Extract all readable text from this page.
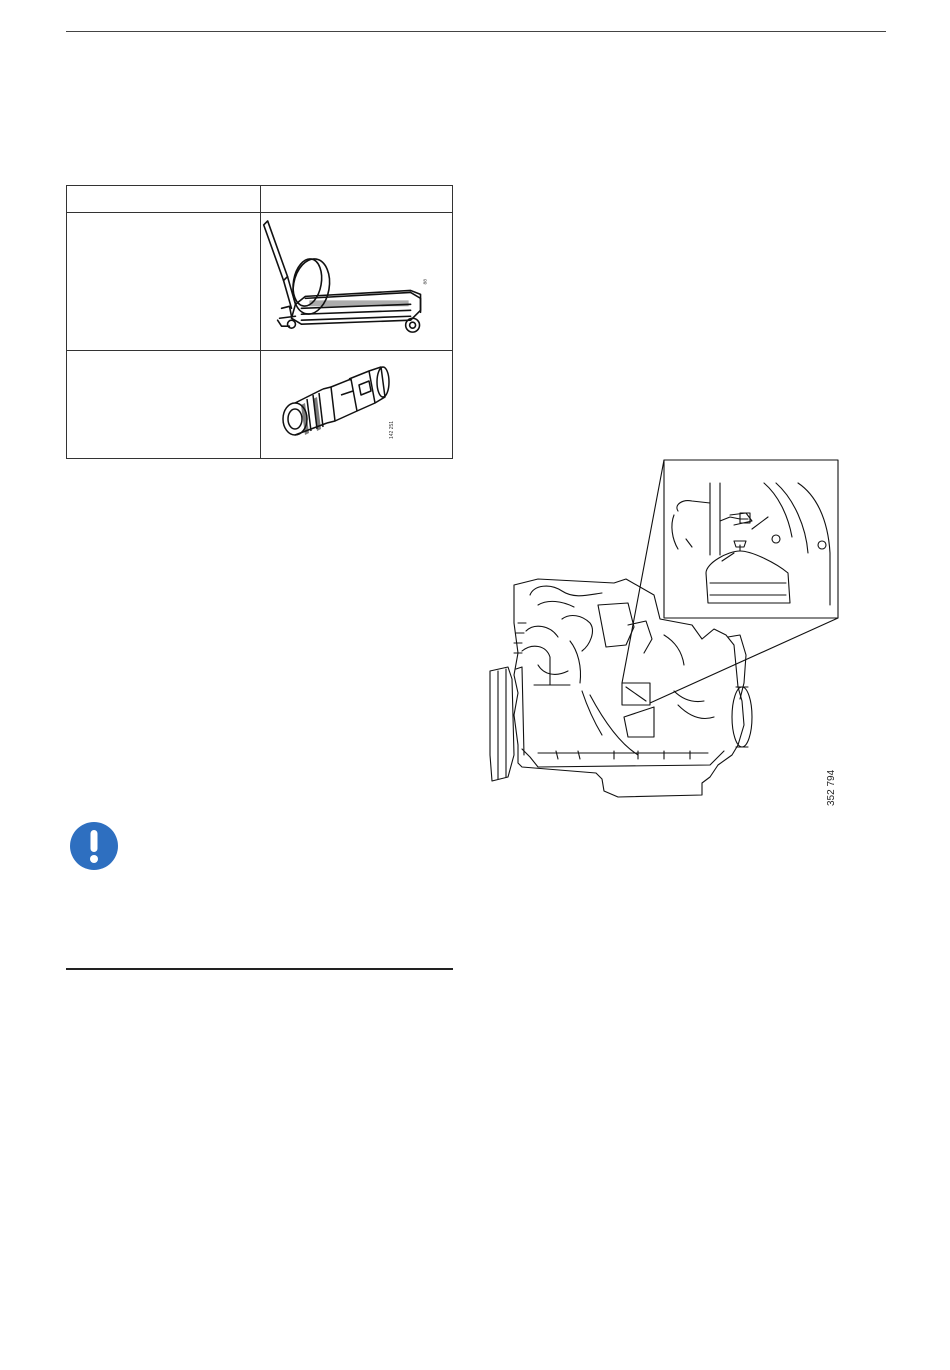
88
142 251
352 794
